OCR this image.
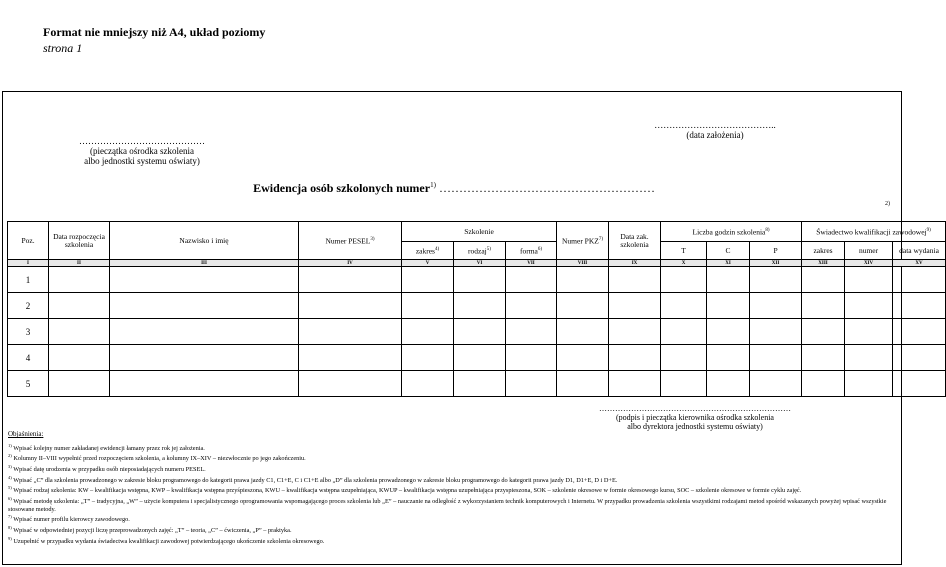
Format nie mniejszy niż A4, układ poziomy
strona 1
……………………………………
(pieczątka ośrodka szkolenia
albo jednostki systemu oświaty)
…………………………………..
(data założenia)
Ewidencja osób szkolonych numer$^{1)}$ ………………………………………………
2)
Poz.	Data rozpoczęcia szkolenia	Nazwisko i imię	Numer PESEL$^{3)}$	Szkolenie			Numer PKZ$^{7)}$	Data zak. szkolenia	Liczba godzin szkolenia$^{8)}$			Świadectwo kwalifikacji zawodowej$^{9)}$
				zakres$^{4)}$	rodzaj$^{5)}$	forma$^{6)}$			T	C	P	zakres	numer	data wydania
I	II	III	IV	V	VI	VII	VIII	IX	X	XI	XII	XIII	XIV	XV
1														
2														
3														
4														
5														
………………………………………………………………
(podpis i pieczątka kierownika ośrodka szkolenia
albo dyrektora jednostki systemu oświaty)
Objaśnienia:
$^{1)}$ Wpisać kolejny numer zakładanej ewidencji łamany przez rok jej założenia.
$^{2)}$ Kolumny II–VIII wypełnić przed rozpoczęciem szkolenia, a kolumny IX–XIV – niezwłocznie po jego zakończeniu.
$^{3)}$ Wpisać datę urodzenia w przypadku osób nieposiadających numeru PESEL.
$^{4)}$ Wpisać „C” dla szkolenia prowadzonego w zakresie bloku programowego do kategorii prawa jazdy C1, C1+E, C i C1+E albo „D” dla szkolenia prowadzonego w zakresie bloku programowego do kategorii prawa jazdy D1, D1+E, D i D+E.
$^{5)}$ Wpisać rodzaj szkolenia: KW – kwalifikacja wstępna, KWP – kwalifikacja wstępna przyśpieszona, KWU – kwalifikacja wstępna uzupełniająca, KWUP – kwalifikacja wstępna uzupełniająca przyspieszona, SOK – szkolenie okresowe w formie okresowego kursu, SOC – szkolenie okresowe w formie cyklu zajęć.
$^{6)}$ Wpisać metodę szkolenia: „T” – tradycyjna, „W” – użycie komputera i specjalistycznego oprogramowania wspomagającego proces szkolenia lub „E” – nauczanie na odległość z wykorzystaniem technik komputerowych i Internetu. W przypadku prowadzenia szkolenia wszystkimi rodzajami metod spośród wskazanych powyżej wpisać wszystkie stosowane metody.
$^{7)}$ Wpisać numer profilu kierowcy zawodowego.
$^{8)}$ Wpisać w odpowiedniej pozycji liczę przeprowadzonych zajęć: „T” – teoria, „C” – ćwiczenia, „P” – praktyka.
$^{9)}$ Uzupełnić w przypadku wydania świadectwa kwalifikacji zawodowej potwierdzającego ukończenie szkolenia okresowego.
